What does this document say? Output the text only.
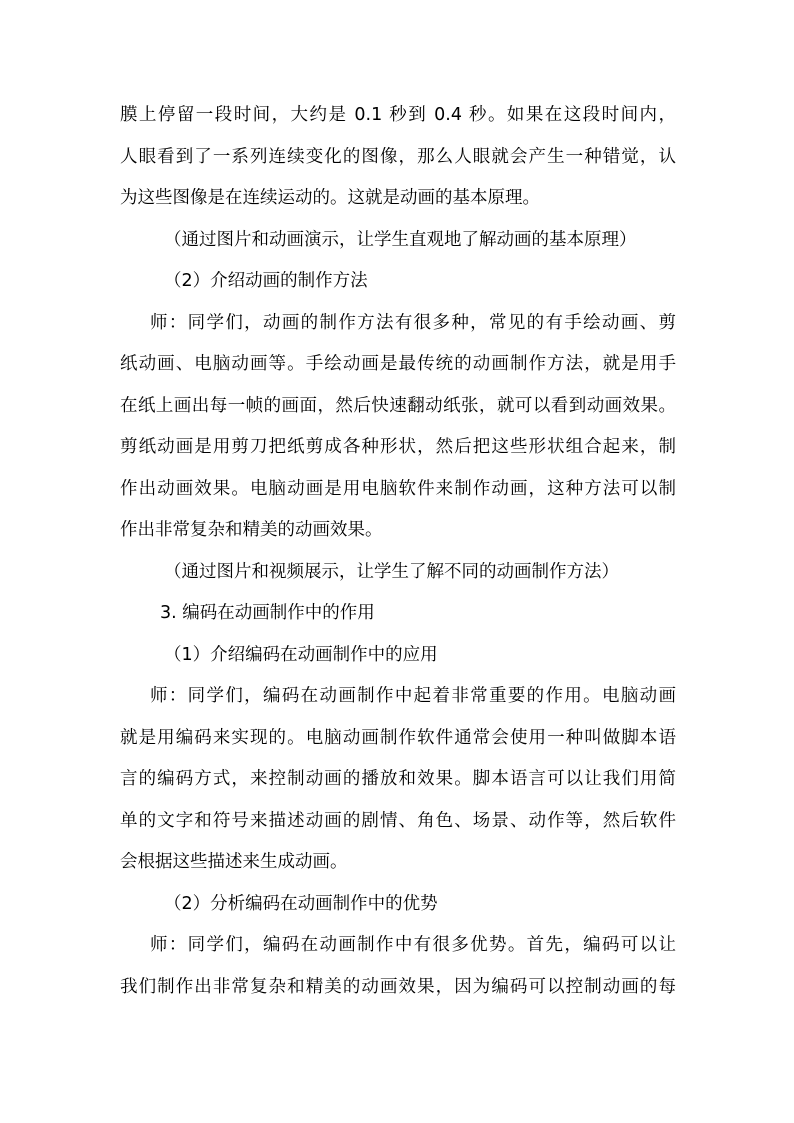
膜上停留一段时间，大约是 0.1 秒到 0.4 秒。如果在这段时间内，
人眼看到了一系列连续变化的图像，那么人眼就会产生一种错觉，认
为这些图像是在连续运动的。这就是动画的基本原理。
（通过图片和动画演示，让学生直观地了解动画的基本原理）
（2）介绍动画的制作方法
师：同学们，动画的制作方法有很多种，常见的有手绘动画、剪
纸动画、电脑动画等。手绘动画是最传统的动画制作方法，就是用手
在纸上画出每一帧的画面，然后快速翻动纸张，就可以看到动画效果。
剪纸动画是用剪刀把纸剪成各种形状，然后把这些形状组合起来，制
作出动画效果。电脑动画是用电脑软件来制作动画，这种方法可以制
作出非常复杂和精美的动画效果。
（通过图片和视频展示，让学生了解不同的动画制作方法）
3. 编码在动画制作中的作用
（1）介绍编码在动画制作中的应用
师：同学们，编码在动画制作中起着非常重要的作用。电脑动画
就是用编码来实现的。电脑动画制作软件通常会使用一种叫做脚本语
言的编码方式，来控制动画的播放和效果。脚本语言可以让我们用简
单的文字和符号来描述动画的剧情、角色、场景、动作等，然后软件
会根据这些描述来生成动画。
（2）分析编码在动画制作中的优势
师：同学们，编码在动画制作中有很多优势。首先，编码可以让
我们制作出非常复杂和精美的动画效果，因为编码可以控制动画的每
